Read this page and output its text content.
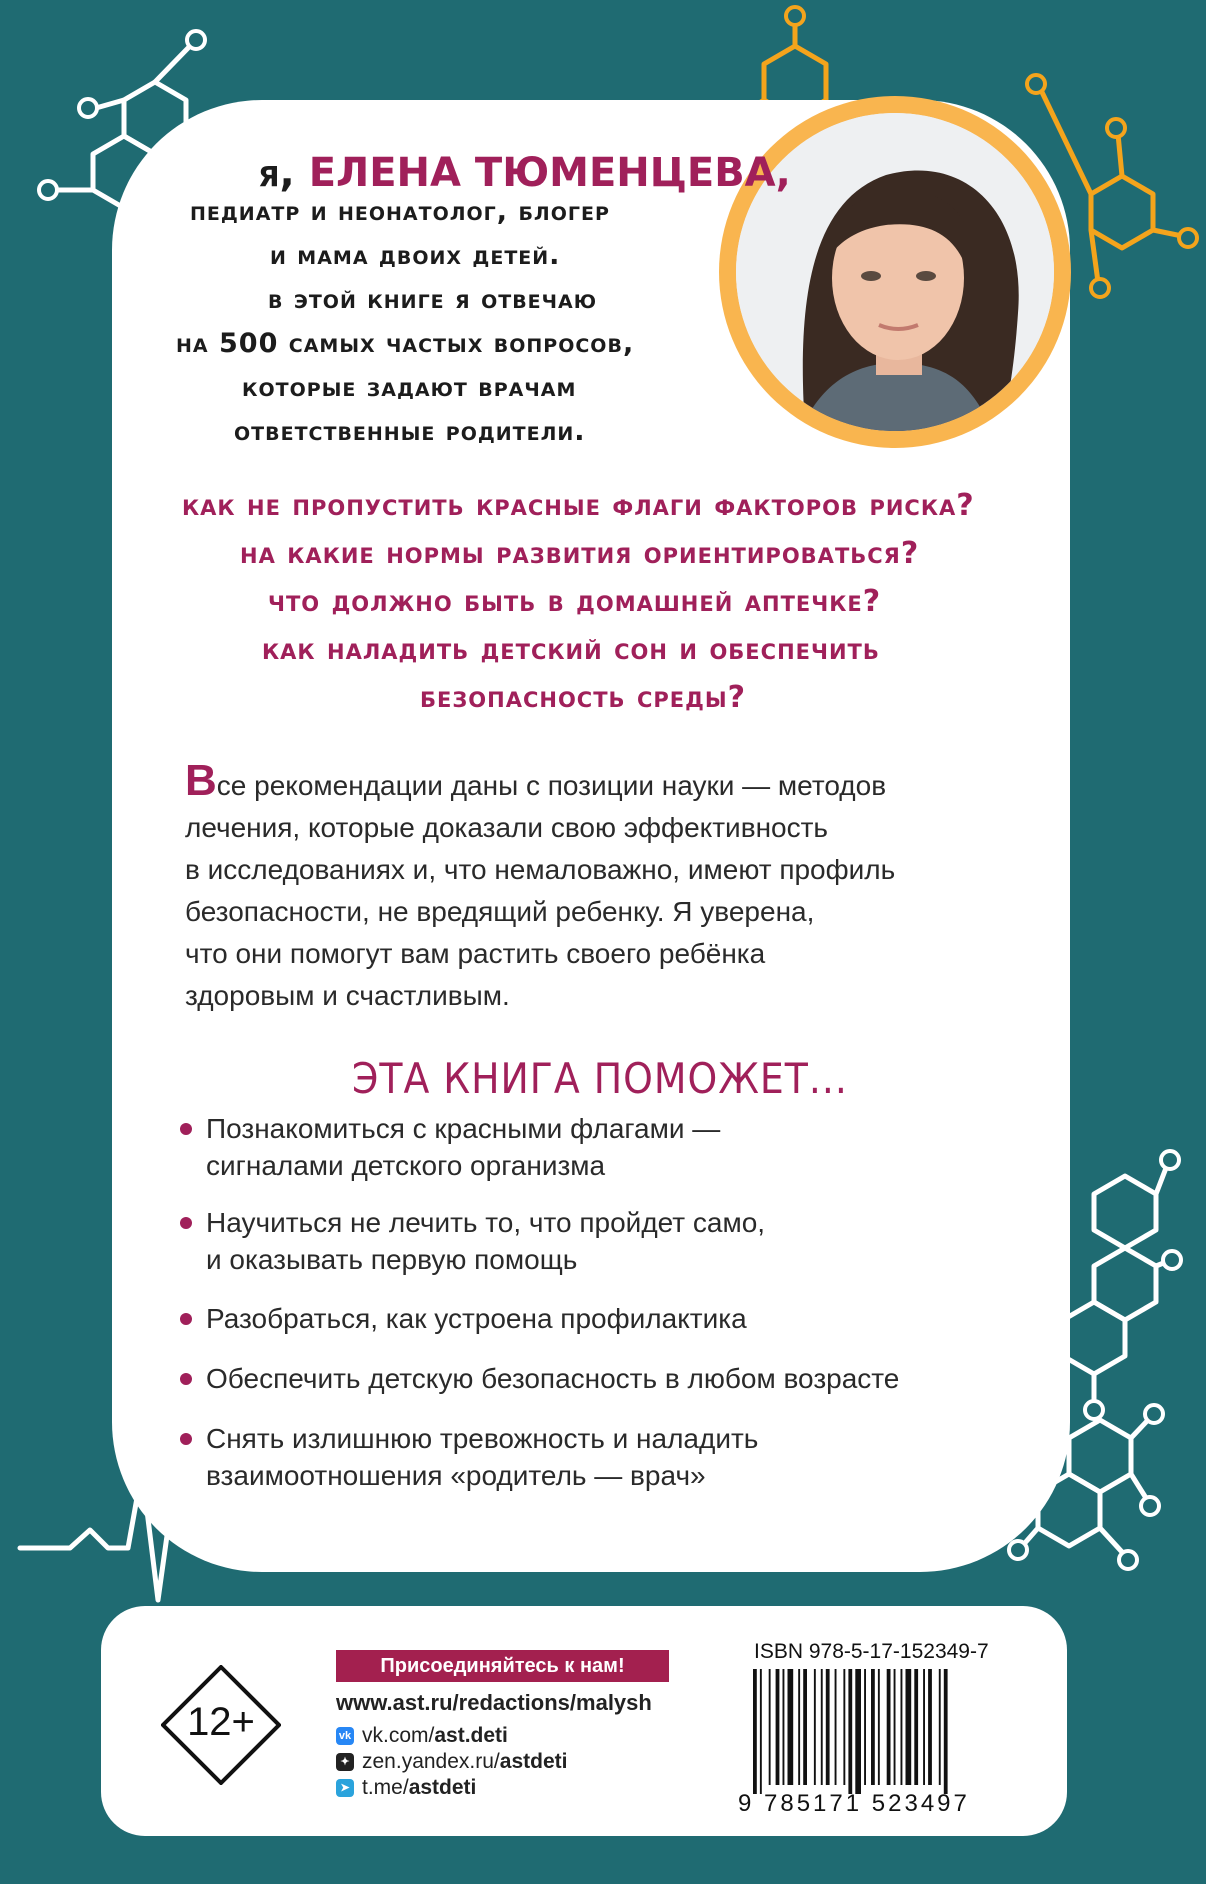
я, ЕЛЕНА ТЮМЕНЦЕВА,
педиатр и неонатолог, блогер
и мама двоих детей.
в этой книге я отвечаю
на 500 самых частых вопросов,
которые задают врачам
ответственные родители.
как не пропустить красные флаги факторов риска?
на какие нормы развития ориентироваться?
что должно быть в домашней аптечке?
как наладить детский сон и обеспечить
безопасность среды?
Все рекомендации даны с позиции науки — методов
лечения, которые доказали свою эффективность
в исследованиях и, что немаловажно, имеют профиль
безопасности, не вредящий ребенку. Я уверена,
что они помогут вам растить своего ребёнка
здоровым и счастливым.
ЭТА КНИГА ПОМОЖЕТ...
Познакомиться с красными флагами —
сигналами детского организма
Научиться не лечить то, что пройдет само,
и оказывать первую помощь
Разобраться, как устроена профилактика
Обеспечить детскую безопасность в любом возрасте
Снять излишнюю тревожность и наладить
взаимоотношения «родитель — врач»
12+
Присоединяйтесь к нам!
www.ast.ru/redactions/malysh
vk vk.com/ast.deti
✦ zen.yandex.ru/astdeti
➤ t.me/astdeti
ISBN 978-5-17-152349-7
9 785171 523497
